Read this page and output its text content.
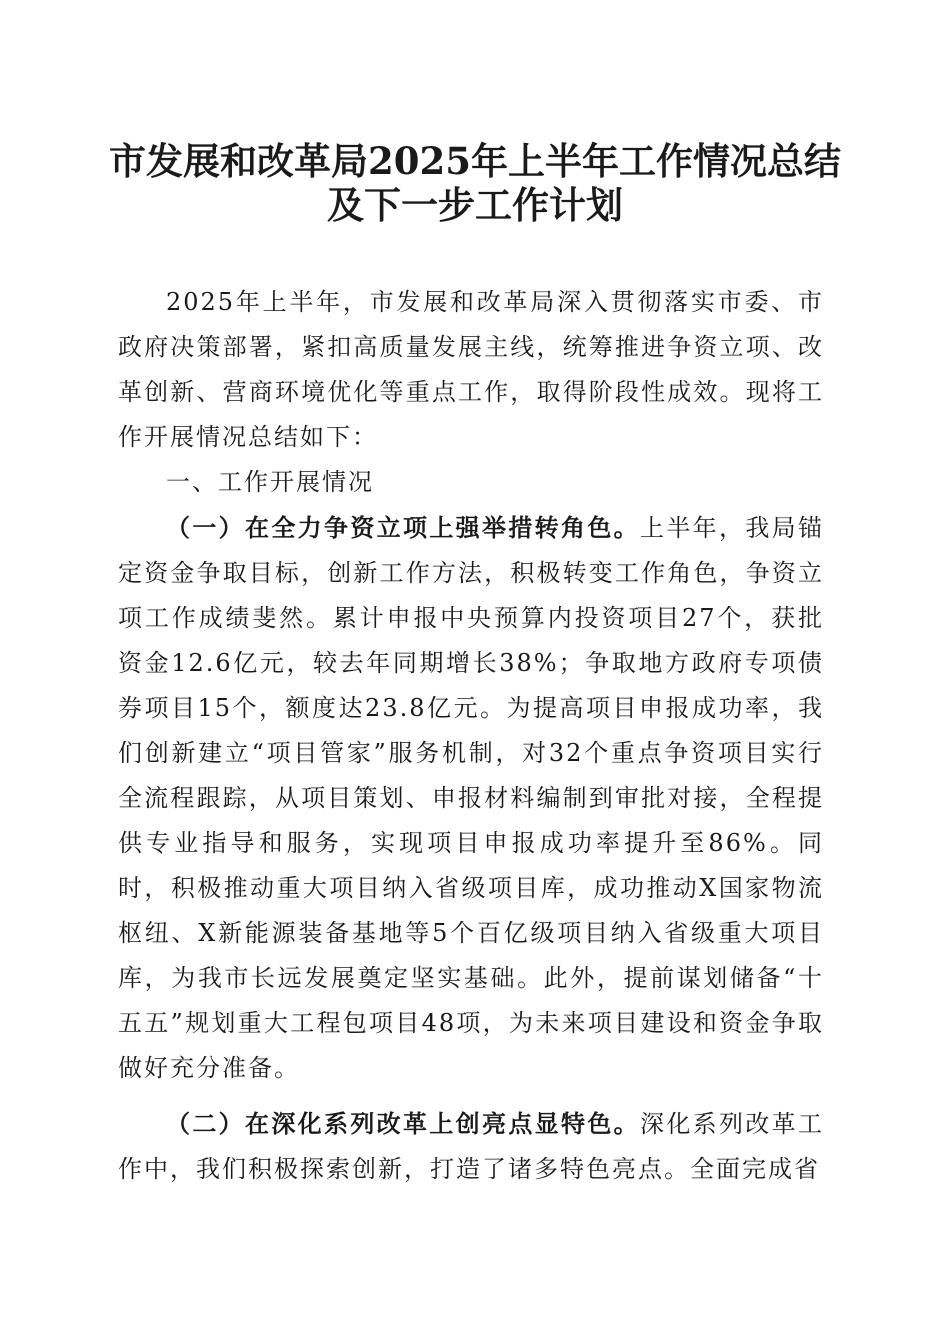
市发展和改革局2025年上半年工作情况总结
及下一步工作计划

2025年上半年，市发展和改革局深入贯彻落实市委、市政府决策部署，紧扣高质量发展主线，统筹推进争资立项、改革创新、营商环境优化等重点工作，取得阶段性成效。现将工作开展情况总结如下：

一、工作开展情况

（一）在全力争资立项上强举措转角色。上半年，我局锚定资金争取目标，创新工作方法，积极转变工作角色，争资立项工作成绩斐然。累计申报中央预算内投资项目27个，获批资金12.6亿元，较去年同期增长38%；争取地方政府专项债券项目15个，额度达23.8亿元。为提高项目申报成功率，我们创新建立“项目管家”服务机制，对32个重点争资项目实行全流程跟踪，从项目策划、申报材料编制到审批对接，全程提供专业指导和服务，实现项目申报成功率提升至86%。同时，积极推动重大项目纳入省级项目库，成功推动X国家物流枢纽、X新能源装备基地等5个百亿级项目纳入省级重大项目库，为我市长远发展奠定坚实基础。此外，提前谋划储备“十五五”规划重大工程包项目48项，为未来项目建设和资金争取做好充分准备。

（二）在深化系列改革上创亮点显特色。深化系列改革工作中，我们积极探索创新，打造了诸多特色亮点。全面完成省
